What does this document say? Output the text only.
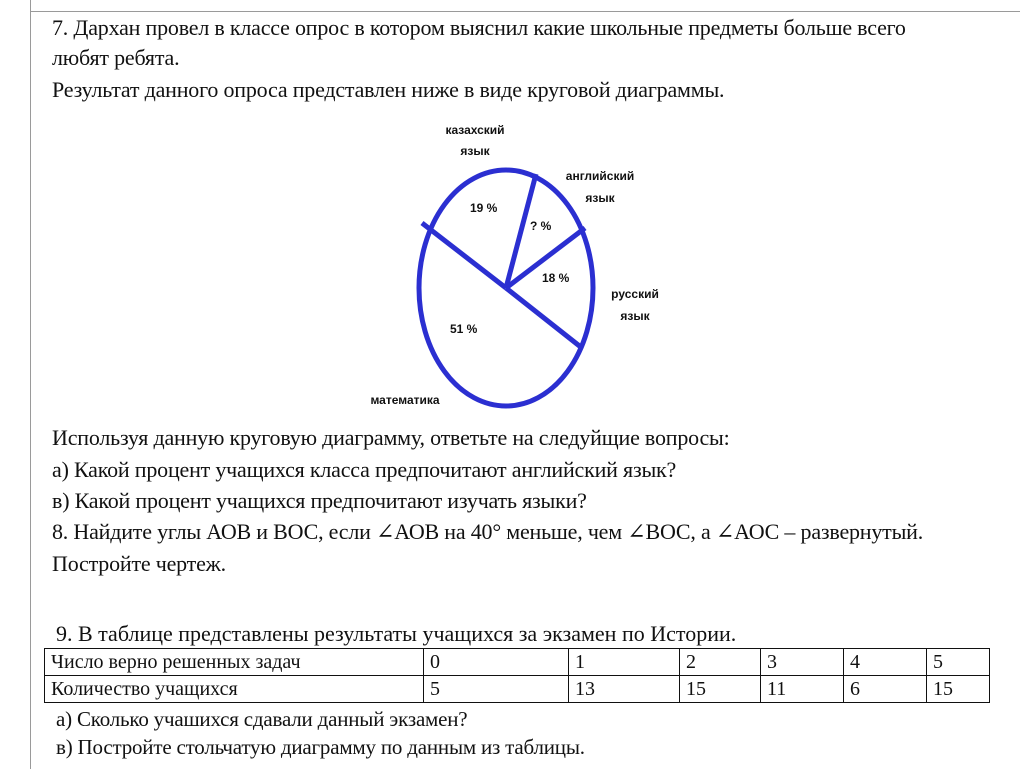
7. Дархан провел в классе опрос в котором выяснил какие школьные предметы больше всего
любят ребята.
Результат данного опроса представлен ниже в виде круговой диаграммы.
19 %
? %
18 %
51 %
казахский
язык
английский
язык
русский
язык
математика
Используя данную круговую диаграмму, ответьте на следуйщие вопросы:
а) Какой процент учащихся класса предпочитают английский язык?
в) Какой процент учащихся предпочитают изучать языки?
8. Найдите углы АОВ и ВОС, если ∠АОВ на 40° меньше, чем ∠ВОС, а ∠АОС – развернутый.
Постройте чертеж.
9. В таблице представлены результаты учащихся за экзамен по Истории.
Число верно решенных задач	0	1	2	3	4	5
Количество учащихся	5	13	15	11	6	15
а) Сколько учашихся сдавали данный экзамен?
в) Постройте стольчатую диаграмму по данным из таблицы.
